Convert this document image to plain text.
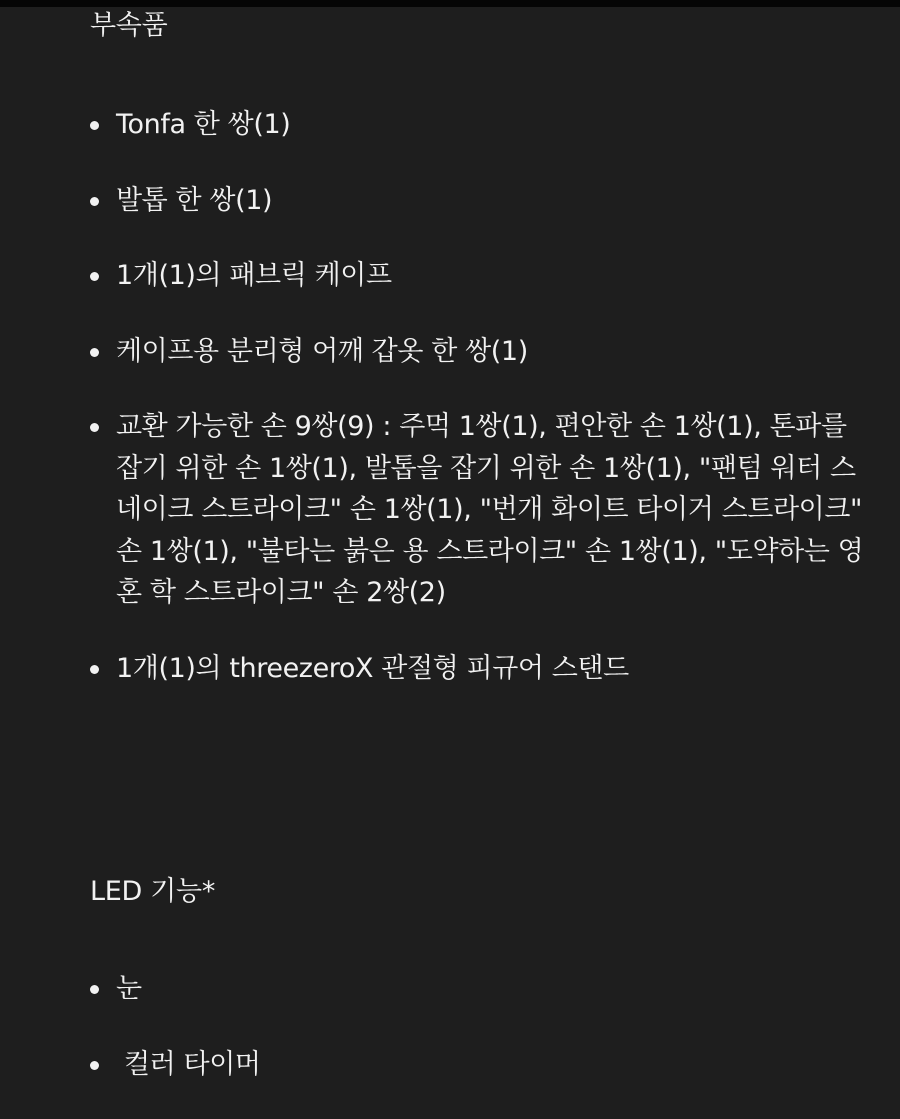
부속품
Tonfa 한 쌍(1)
발톱 한 쌍(1)
1개(1)의 패브릭 케이프
케이프용 분리형 어깨 갑옷 한 쌍(1)
교환 가능한 손 9쌍(9) : 주먹 1쌍(1), 편안한 손 1쌍(1), 톤파를 잡기 위한 손 1쌍(1), 발톱을 잡기 위한 손 1쌍(1), "팬텀 워터 스네이크 스트라이크" 손 1쌍(1), "번개 화이트 타이거 스트라이크" 손 1쌍(1), "불타는 붉은 용 스트라이크" 손 1쌍(1), "도약하는 영혼 학 스트라이크" 손 2쌍(2)
1개(1)의 threezeroX 관절형 피규어 스탠드
LED 기능*
눈
컬러 타이머
